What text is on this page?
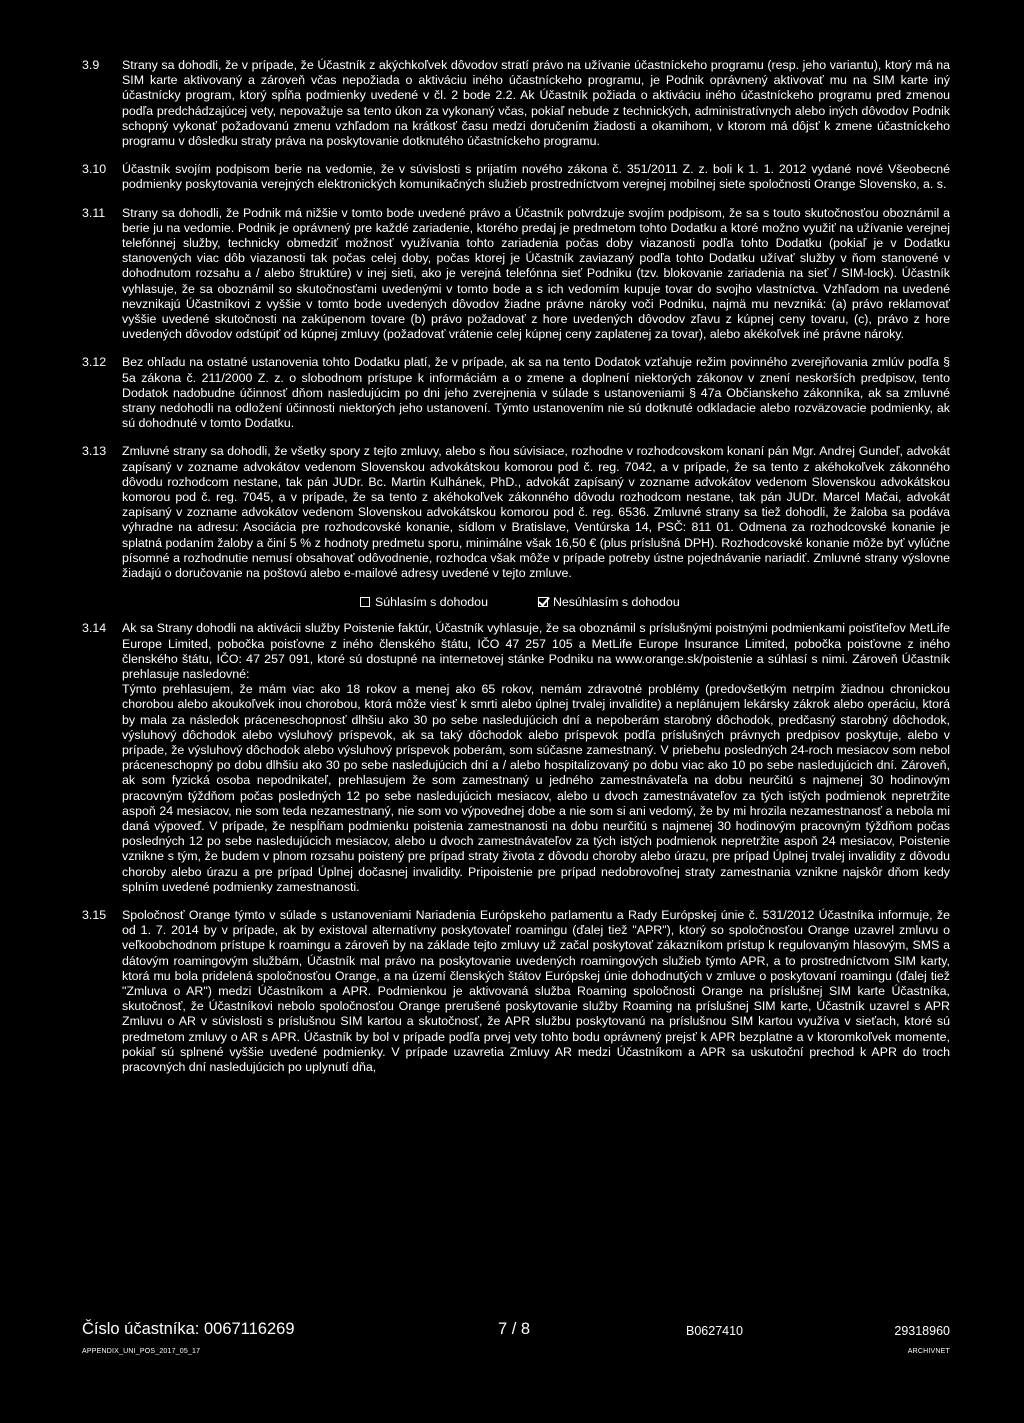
3.9	Strany sa dohodli, že v prípade, že Účastník z akýchkoľvek dôvodov stratí právo na užívanie účastníckeho programu (resp. jeho variantu), ktorý má na SIM karte aktivovaný a zároveň včas nepožiada o aktiváciu iného účastníckeho programu, je Podnik oprávnený aktivovať mu na SIM karte iný účastnícky program, ktorý spĺňa podmienky uvedené v čl. 2 bode 2.2. Ak Účastník požiada o aktiváciu iného účastníckeho programu pred zmenou podľa predchádzajúcej vety, nepovažuje sa tento úkon za vykonaný včas, pokiaľ nebude z technických, administratívnych alebo iných dôvodov Podnik schopný vykonať požadovanú zmenu vzhľadom na krátkosť času medzi doručením žiadosti a okamihom, v ktorom má dôjsť k zmene účastníckeho programu v dôsledku straty práva na poskytovanie dotknutého účastníckeho programu.
3.10	Účastník svojím podpisom berie na vedomie, že v súvislosti s prijatím nového zákona č. 351/2011 Z. z. boli k 1. 1. 2012 vydané nové Všeobecné podmienky poskytovania verejných elektronických komunikačných služieb prostredníctvom verejnej mobilnej siete spoločnosti Orange Slovensko, a. s.
3.11	Strany sa dohodli, že Podnik má nižšie v tomto bode uvedené právo a Účastník potvrdzuje svojím podpisom, že sa s touto skutočnosťou oboznámil a berie ju na vedomie. Podnik je oprávnený pre každé zariadenie, ktorého predaj je predmetom tohto Dodatku a ktoré možno využiť na užívanie verejnej telefónnej služby, technicky obmedziť možnosť využívania tohto zariadenia počas doby viazanosti podľa tohto Dodatku (pokiaľ je v Dodatku stanovených viac dôb viazanosti tak počas celej doby, počas ktorej je Účastník zaviazaný podľa tohto Dodatku užívať služby v ňom stanovené v dohodnutom rozsahu a / alebo štruktúre) v inej sieti, ako je verejná telefónna sieť Podniku (tzv. blokovanie zariadenia na sieť / SIM-lock). Účastník vyhlasuje, že sa oboznámil so skutočnosťami uvedenými v tomto bode a s ich vedomím kupuje tovar do svojho vlastníctva. Vzhľadom na uvedené nevznikajú Účastníkovi z vyššie v tomto bode uvedených dôvodov žiadne právne nároky voči Podniku, najmä mu nevzniká: (a) právo reklamovať vyššie uvedené skutočnosti na zakúpenom tovare (b) právo požadovať z hore uvedených dôvodov zľavu z kúpnej ceny tovaru, (c), právo z hore uvedených dôvodov odstúpiť od kúpnej zmluvy (požadovať vrátenie celej kúpnej ceny zaplatenej za tovar), alebo akékoľvek iné právne nároky.
3.12	Bez ohľadu na ostatné ustanovenia tohto Dodatku platí, že v prípade, ak sa na tento Dodatok vzťahuje režim povinného zverejňovania zmlúv podľa § 5a zákona č. 211/2000 Z. z. o slobodnom prístupe k informáciám a o zmene a doplnení niektorých zákonov v znení neskorších predpisov, tento Dodatok nadobudne účinnosť dňom nasledujúcim po dni jeho zverejnenia v súlade s ustanoveniami § 47a Občianskeho zákonníka, ak sa zmluvné strany nedohodli na odložení účinnosti niektorých jeho ustanovení. Týmto ustanovením nie sú dotknuté odkladacie alebo rozväzovacie podmienky, ak sú dohodnuté v tomto Dodatku.
3.13	Zmluvné strany sa dohodli, že všetky spory z tejto zmluvy, alebo s ňou súvisiace, rozhodne v rozhodcovskom konaní pán Mgr. Andrej Gundeľ, advokát zapísaný v zozname advokátov vedenom Slovenskou advokátskou komorou pod č. reg. 7042, a v prípade, že sa tento z akéhokoľvek zákonného dôvodu rozhodcom nestane, tak pán JUDr. Bc. Martin Kulhánek, PhD., advokát zapísaný v zozname advokátov vedenom Slovenskou advokátskou komorou pod č. reg. 7045, a v prípade, že sa tento z akéhokoľvek zákonného dôvodu rozhodcom nestane, tak pán JUDr. Marcel Mačai, advokát zapísaný v zozname advokátov vedenom Slovenskou advokátskou komorou pod č. reg. 6536. Zmluvné strany sa tiež dohodli, že žaloba sa podáva výhradne na adresu: Asociácia pre rozhodcovské konanie, sídlom v Bratislave, Ventúrska 14, PSČ: 811 01. Odmena za rozhodcovské konanie je splatná podaním žaloby a činí 5 % z hodnoty predmetu sporu, minimálne však 16,50 € (plus príslušná DPH). Rozhodcovské konanie môže byť vylúčne písomné a rozhodnutie nemusí obsahovať odôvodnenie, rozhodca však môže v prípade potreby ústne pojednávanie nariadiť. Zmluvné strany výslovne žiadajú o doručovanie na poštovú alebo e-mailové adresy uvedené v tejto zmluve.
Súhlasím s dohodou	Nesúhlasím s dohodou
3.14	Ak sa Strany dohodli na aktivácii služby Poistenie faktúr, Účastník vyhlasuje, že sa oboznámil s príslušnými poistnými podmienkami poisťiteľov MetLife Europe Limited, pobočka poisťovne z iného členského štátu, IČO 47 257 105 a MetLife Europe Insurance Limited, pobočka poisťovne z iného členského štátu, IČO: 47 257 091, ktoré sú dostupné na internetovej stánke Podniku na www.orange.sk/poistenie a súhlasí s nimi. Zároveň Účastník prehlasuje nasledovné:
Týmto prehlasujem, že mám viac ako 18 rokov a menej ako 65 rokov, nemám zdravotné problémy (predovšetkým netrpím žiadnou chronickou chorobou alebo akoukoľvek inou chorobou, ktorá môže viesť k smrti alebo úplnej trvalej invalidite) a neplánujem lekársky zákrok alebo operáciu, ktorá by mala za následok práceneschopnosť dlhšiu ako 30 po sebe nasledujúcich dní a nepoberám starobný dôchodok, predčasný starobný dôchodok, výsluhový dôchodok alebo výsluhový príspevok, ak sa taký dôchodok alebo príspevok podľa príslušných právnych predpisov poskytuje, alebo v prípade, že výsluhový dôchodok alebo výsluhový príspevok poberám, som súčasne zamestnaný. V priebehu posledných 24-roch mesiacov som nebol práceneschopný po dobu dlhšiu ako 30 po sebe nasledujúcich dní a / alebo hospitalizovaný po dobu viac ako 10 po sebe nasledujúcich dní. Zároveň, ak som fyzická osoba nepodnikateľ, prehlasujem že som zamestnaný u jedného zamestnávateľa na dobu neurčitú s najmenej 30 hodinovým pracovným týždňom počas posledných 12 po sebe nasledujúcich mesiacov, alebo u dvoch zamestnávateľov za tých istých podmienok nepretržite aspoň 24 mesiacov, nie som teda nezamestnaný, nie som vo výpovednej dobe a nie som si ani vedomý, že by mi hrozila nezamestnanosť a nebola mi daná výpoveď. V prípade, že nespĺňam podmienku poistenia zamestnanosti na dobu neurčitú s najmenej 30 hodinovým pracovným týždňom počas posledných 12 po sebe nasledujúcich mesiacov, alebo u dvoch zamestnávateľov za tých istých podmienok nepretržite aspoň 24 mesiacov, Poistenie vznikne s tým, že budem v plnom rozsahu poistený pre prípad straty života z dôvodu choroby alebo úrazu, pre prípad Úplnej trvalej invalidity z dôvodu choroby alebo úrazu a pre prípad Úplnej dočasnej invalidity. Pripoistenie pre prípad nedobrovoľnej straty zamestnania vznikne najskôr dňom kedy splním uvedené podmienky zamestnanosti.
3.15	Spoločnosť Orange týmto v súlade s ustanoveniami Nariadenia Európskeho parlamentu a Rady Európskej únie č. 531/2012 Účastníka informuje, že od 1. 7. 2014 by v prípade, ak by existoval alternatívny poskytovateľ roamingu (ďalej tiež "APR"), ktorý so spoločnosťou Orange uzavrel zmluvu o veľkoobchodnom prístupe k roamingu a zároveň by na základe tejto zmluvy už začal poskytovať zákazníkom prístup k regulovaným hlasovým, SMS a dátovým roamingovým službám, Účastník mal právo na poskytovanie uvedených roamingových služieb týmto APR, a to prostredníctvom SIM karty, ktorá mu bola pridelená spoločnosťou Orange, a na území členských štátov Európskej únie dohodnutých v zmluve o poskytovaní roamingu (ďalej tiež "Zmluva o AR") medzi Účastníkom a APR. Podmienkou je aktivovaná služba Roaming spoločnosti Orange na príslušnej SIM karte Účastníka, skutočnosť, že Účastníkovi nebolo spoločnosťou Orange prerušené poskytovanie služby Roaming na príslušnej SIM karte, Účastník uzavrel s APR Zmluvu o AR v súvislosti s príslušnou SIM kartou a skutočnosť, že APR službu poskytovanú na príslušnou SIM kartou využíva v sieťach, ktoré sú predmetom zmluvy o AR s APR. Účastník by bol v prípade podľa prvej vety tohto bodu oprávnený prejsť k APR bezplatne a v ktoromkoľvek momente, pokiaľ sú splnené vyššie uvedené podmienky. V prípade uzavretia Zmluvy AR medzi Účastníkom a APR sa uskutoční prechod k APR do troch pracovných dní nasledujúcich po uplynutí dňa,
Číslo účastníka: 0067116269	7 / 8	B0627410	29318960
APPENDIX_UNI_POS_2017_05_17	ARCHIVNET
